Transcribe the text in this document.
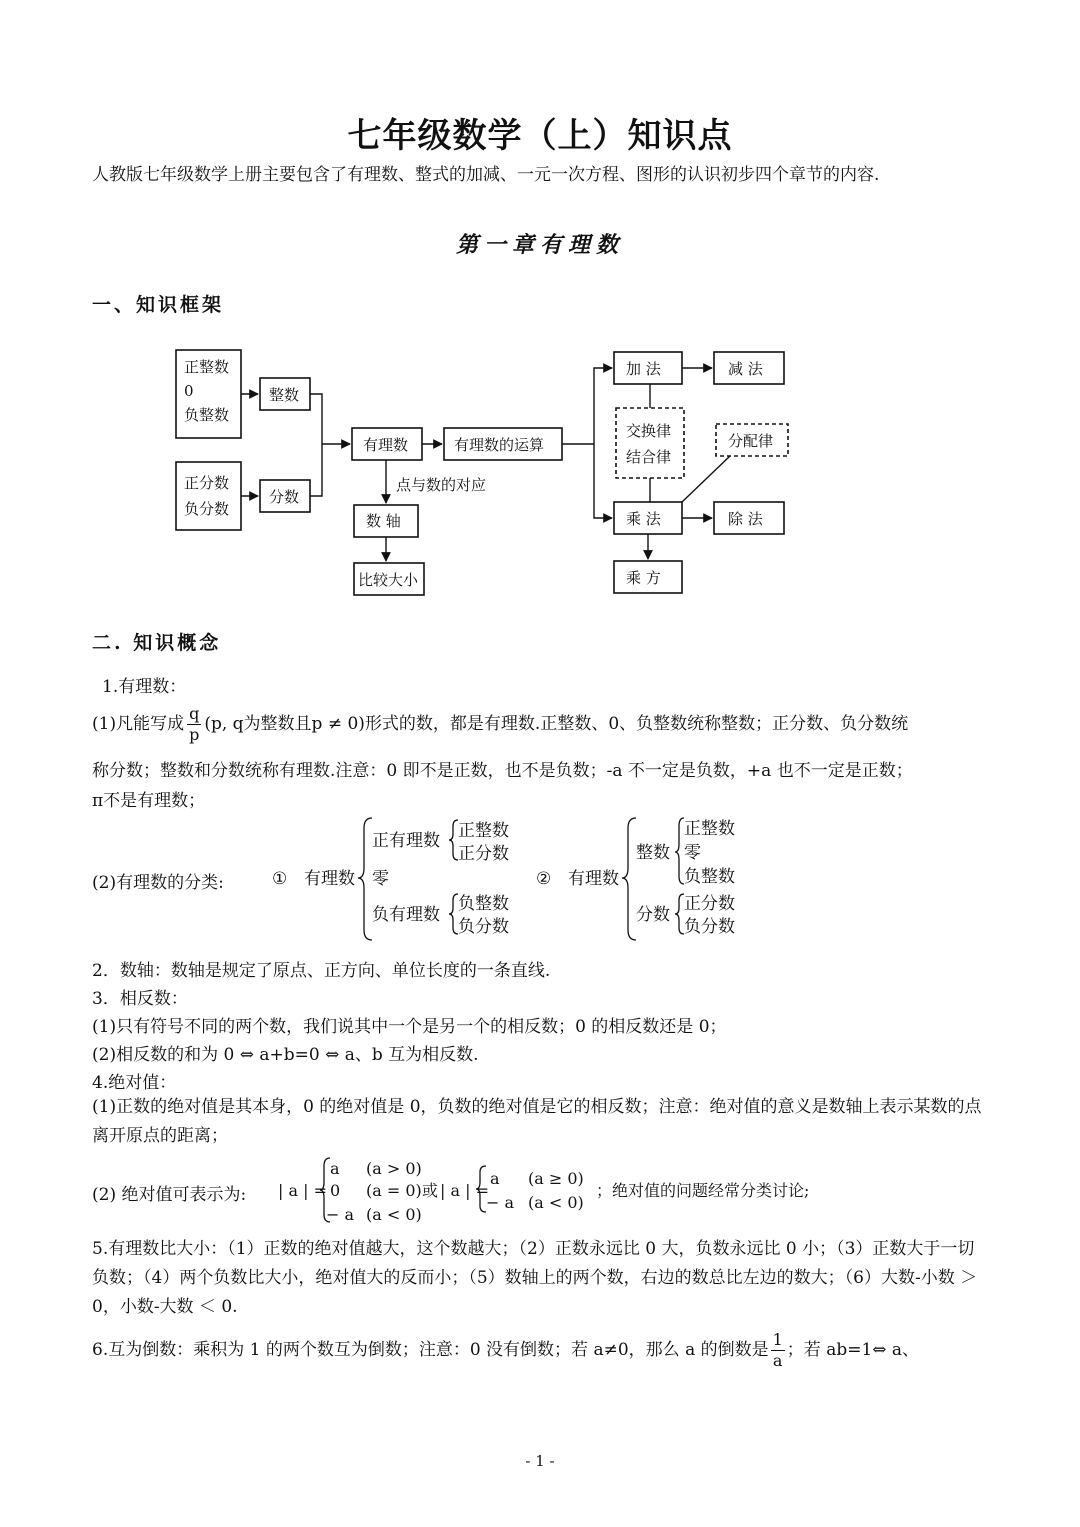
七年级数学（上）知识点
人教版七年级数学上册主要包含了有理数、整式的加减、一元一次方程、图形的认识初步四个章节的内容.
第一章有理数
一、知识框架
正整数
0
负整数
整数
正分数
负分数
分数
有理数	有理数的运算
点与数的对应
数 轴
比较大小
加 法	减 法
交换律
结合律
分配律
乘 法	除 法
乘 方
二. 知识概念
1.有理数：
(1)凡能写成 $\frac{q}{p} (p$, q为整数且p ≠ 0)形式的数，都是有理数.正整数、0、负整数统称整数；正分数、负分数统
称分数；整数和分数统称有理数.注意：0 即不是正数，也不是负数；-a 不一定是负数，+a 也不一定是正数；
π不是有理数；
(2)有理数的分类:	① 有理数
正有理数 正整数
正分数
零
负有理数
负整数
负分数
② 有理数
整数
正整数
零
负整数
分数
正分数
负分数
2．数轴：数轴是规定了原点、正方向、单位长度的一条直线.
3．相反数：
(1)只有符号不同的两个数，我们说其中一个是另一个的相反数；0 的相反数还是 0；
(2)相反数的和为 0 ⇔ a+b=0 ⇔ a、b 互为相反数.
4.绝对值：
(1)正数的绝对值是其本身，0 的绝对值是 0，负数的绝对值是它的相反数；注意：绝对值的意义是数轴上表示某数的点离开原点的距离；
(2) 绝对值可表示为: | a | =
a (a > 0)
0 (a = 0)
− a (a < 0)
或 | a | =
a (a ≥ 0)
− a (a < 0)
；绝对值的问题经常分类讨论;
5.有理数比大小：（1）正数的绝对值越大，这个数越大；（2）正数永远比 0 大，负数永远比 0 小；（3）正数大于一切负数；（4）两个负数比大小，绝对值大的反而小；（5）数轴上的两个数，右边的数总比左边的数大；（6）大数-小数 ＞ 0，小数-大数 ＜ 0.
6.互为倒数：乘积为 1 的两个数互为倒数；注意：0 没有倒数；若 a≠0，那么 a 的倒数是 $\frac{1}{a}$ ；若 ab=1⇔ a、
- 1 -
